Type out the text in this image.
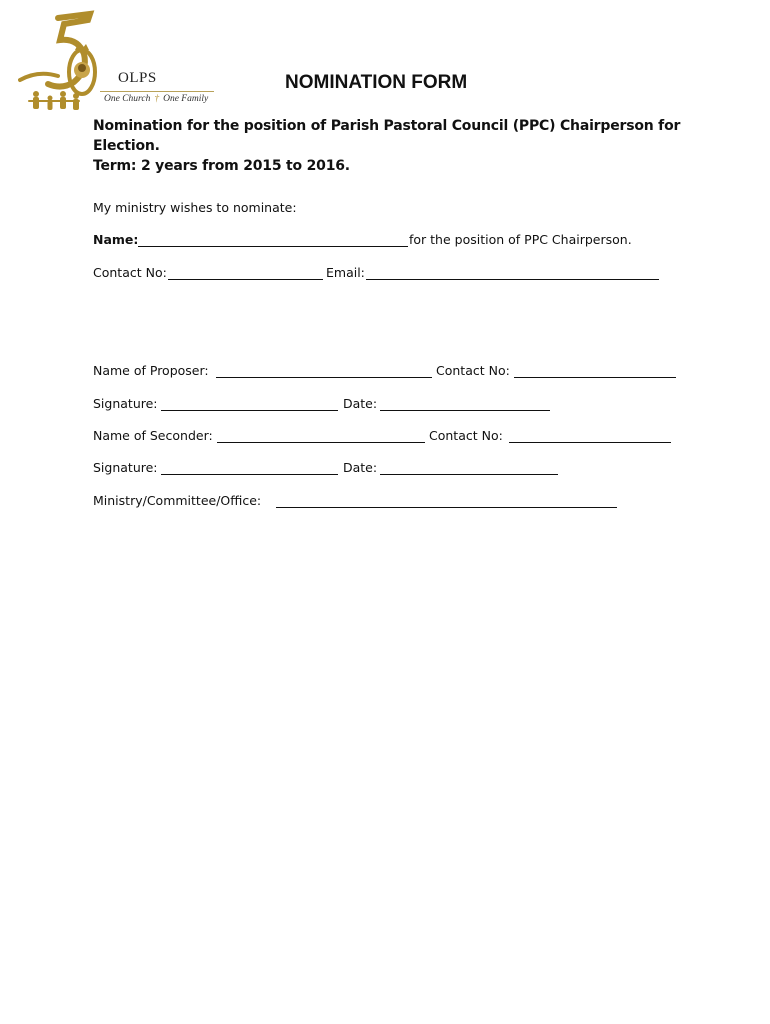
OLPS
One Church † One Family
NOMINATION FORM
Nomination for the position of Parish Pastoral Council (PPC) Chairperson for
Election.
Term: 2 years from 2015 to 2016.
My ministry wishes to nominate:
Name:	for the position of PPC Chairperson.
Contact No:	Email:
Name of Proposer:	Contact No:
Signature:	Date:
Name of Seconder:	Contact No:
Signature:	Date:
Ministry/Committee/Office:
